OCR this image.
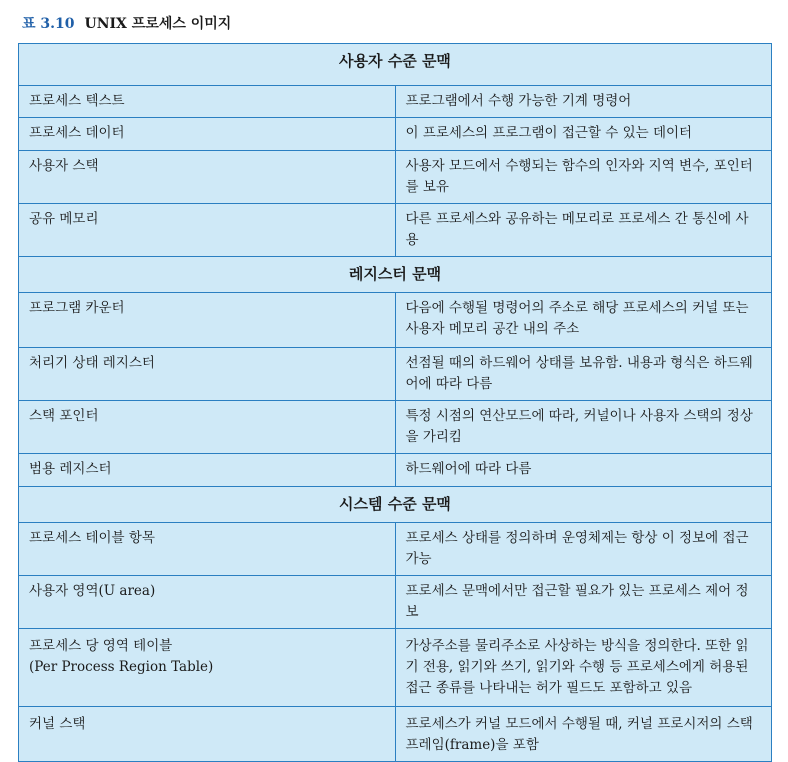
표 3.10 UNIX 프로세스 이미지
사용자 수준 문맥	
프로세스 텍스트	프로그램에서 수행 가능한 기계 명령어
프로세스 데이터	이 프로세스의 프로그램이 접근할 수 있는 데이터
사용자 스택	사용자 모드에서 수행되는 함수의 인자와 지역 변수, 포인터를 보유
공유 메모리	다른 프로세스와 공유하는 메모리로 프로세스 간 통신에 사용
레지스터 문맥	
프로그램 카운터	다음에 수행될 명령어의 주소로 해당 프로세스의 커널 또는 사용자 메모리 공간 내의 주소
처리기 상태 레지스터	선점될 때의 하드웨어 상태를 보유함. 내용과 형식은 하드웨어에 따라 다름
스택 포인터	특정 시점의 연산모드에 따라, 커널이나 사용자 스택의 정상을 가리킴
범용 레지스터	하드웨어에 따라 다름
시스템 수준 문맥	
프로세스 테이블 항목	프로세스 상태를 정의하며 운영체제는 항상 이 정보에 접근 가능
사용자 영역(U area)	프로세스 문맥에서만 접근할 필요가 있는 프로세스 제어 정보

프로세스 당 영역 테이블
(Per Process Region Table)	가상주소를 물리주소로 사상하는 방식을 정의한다. 또한 읽기 전용, 읽기와 쓰기, 읽기와 수행 등 프로세스에게 허용된 접근 종류를 나타내는 허가 필드도 포함하고 있음
커널 스택	프로세스가 커널 모드에서 수행될 때, 커널 프로시저의 스택 프레임(frame)을 포함
